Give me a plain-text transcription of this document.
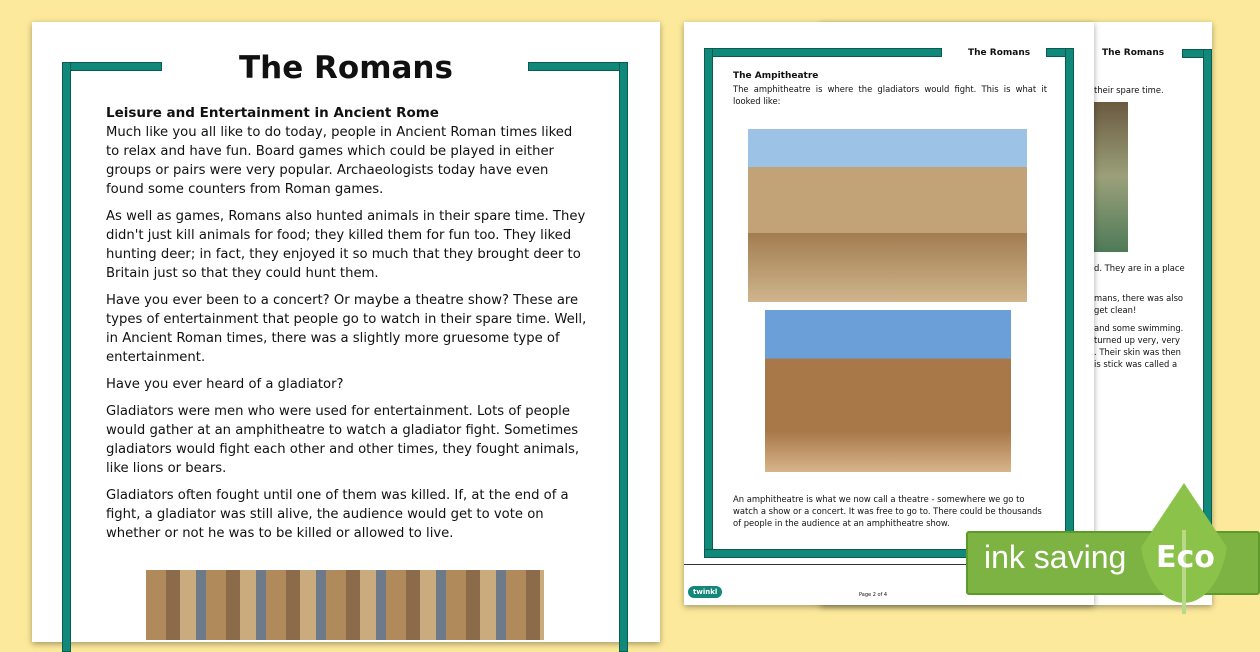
The Romans
Leisure and Entertainment in Ancient Rome

Much like you all like to do today, people in Ancient Roman times liked to relax and have fun. Board games which could be played in either groups or pairs were very popular. Archaeologists today have even found some counters from Roman games.

As well as games, Romans also hunted animals in their spare time. They didn't just kill animals for food; they killed them for fun too. They liked hunting deer; in fact, they enjoyed it so much that they brought deer to Britain just so that they could hunt them.

Have you ever been to a concert? Or maybe a theatre show? These are types of entertainment that people go to watch in their spare time. Well, in Ancient Roman times, there was a slightly more gruesome type of entertainment.

Have you ever heard of a gladiator?

Gladiators were men who were used for entertainment. Lots of people would gather at an amphitheatre to watch a gladiator fight. Sometimes gladiators would fight each other and other times, they fought animals, like lions or bears.

Gladiators often fought until one of them was killed. If, at the end of a fight, a gladiator was still alive, the audience would get to vote on whether or not he was to be killed or allowed to live.

The Romans
their spare time.
d. They are in a place
mans, there was also
get clean!
and some swimming.
turned up very, very
. Their skin was then
is stick was called a
The Romans
The Ampitheatre
The amphitheatre is where the gladiators would fight. This is what it looked like:
An amphitheatre is what we now call a theatre - somewhere we go to watch a show or a concert. It was free to go to. There could be thousands of people in the audience at an amphitheatre show.
twinkl	Page 2 of 4
ink saving Eco
